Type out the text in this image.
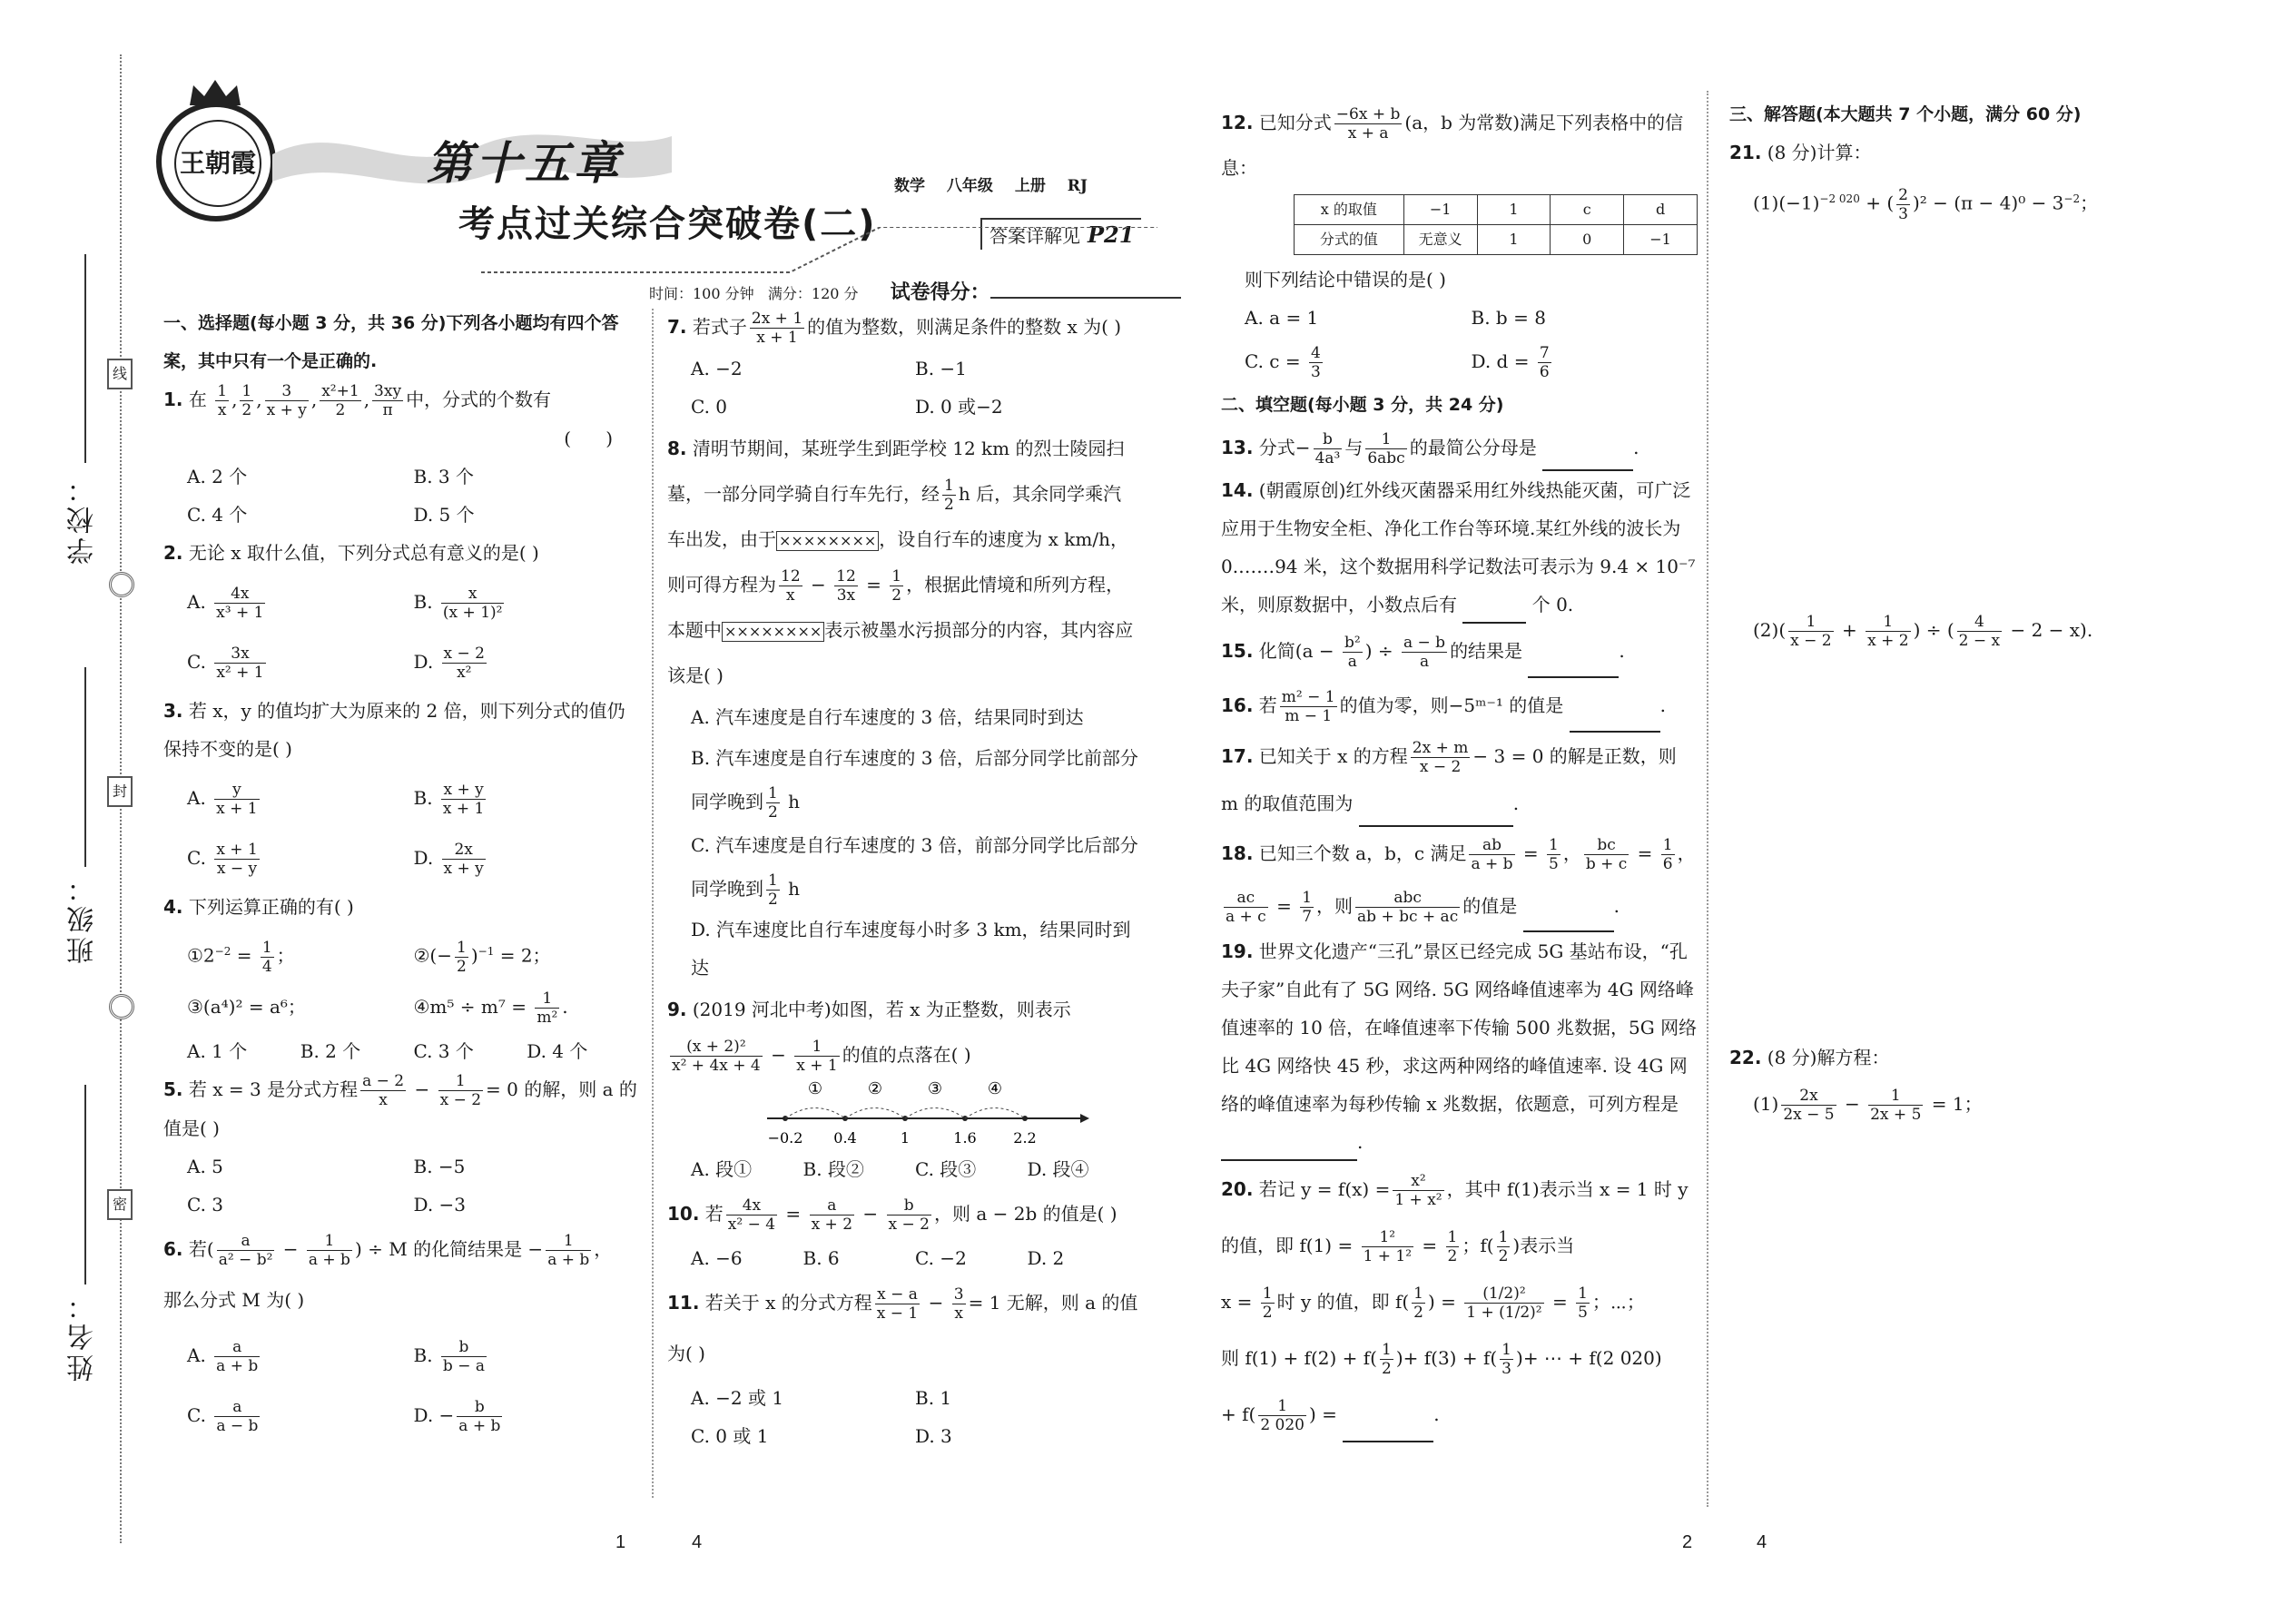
学校：
班级：
姓名：
线
封
密
王朝霞	第十五章
考点过关综合突破卷(二)
数学 八年级 上册 RJ
答案详解见 P21
时间：100 分钟 满分：120 分 试卷得分：

一、选择题(每小题 3 分，共 36 分)下列各小题均有四个答案，其中只有一个是正确的.

1. 在 $\frac{1}{x}$ , $\frac{1}{2}$ , $\frac{3}{x + y}$ , $\frac{\text{x²+1}}{2}$ , $\frac{3xy}{\pi}$ 中，分式的个数有

(      )

A. 2 个	B. 3 个
C. 4 个	D. 5 个

2. 无论 x 取什么值，下列分式总有意义的是( )

A. $\frac{4x}{\text{x³ + 1}}$	B. $\frac{x}{\text{(x + 1)²}}$
C. $\frac{3x}{\text{x² + 1}}$	D. $\frac{x - 2}{\text{x²}}$

3. 若 x，y 的值均扩大为原来的 2 倍，则下列分式的值仍保持不变的是( )

A. $\frac{y}{x + 1}$	B. $\frac{x + y}{x + 1}$
C. $\frac{x + 1}{x - y}$	D. $\frac{2x}{x + y}$

4. 下列运算正确的有( )

$①2^{-2} = \frac{1}{4}$ ；	②(− $\frac{1}{2} )^{-1} = 2$；
③(a⁴)² = a⁶；	④m⁵ ÷ $m^7 = \frac{1}{\text{m²}}$ .
A. 1 个	B. 2 个	C. 3 个	D. 4 个

5. 若 x = 3 是分式方程 $\frac{a - 2}{x} - \frac{1}{x - 2} = 0$ 的解，则 a 的值是( )

A. 5	B. −5
C. 3	D. −3

6. 若( $\frac{a}{\text{a² − b²}} - \frac{1}{a + b}$ ) ÷ M 的化简结果是 − $\frac{1}{a + b}$ ，
那么分式 M 为( )

A. $\frac{a}{a + b}$	B. $\frac{b}{b - a}$
C. $\frac{a}{a - b}$	D. − $\frac{b}{a + b}$

7. 若式子 $\frac{2x + 1}{x + 1}$ 的值为整数，则满足条件的整数 x 为( )

A. −2	B. −1
C. 0	D. 0 或−2

8. 清明节期间，某班学生到距学校 12 km 的烈士陵园扫墓，一部分同学骑自行车先行，经 $\frac{1}{2}$ h 后，其余同学乘汽车出发，由于 ×××××××× ，设自行车的速度为 x km/h，则可得方程为 $\frac{12}{x} - \frac{12}{3x} = \frac{1}{2}$ ，根据此情境和所列方程，本题中 ×××××××× 表示被墨水污损部分的内容，其内容应该是( )

A. 汽车速度是自行车速度的 3 倍，结果同时到达

B. 汽车速度是自行车速度的 3 倍，后部分同学比前部分同学晚到 $\frac{1}{2}$ h

C. 汽车速度是自行车速度的 3 倍，前部分同学比后部分同学晚到 $\frac{1}{2}$ h

D. 汽车速度比自行车速度每小时多 3 km，结果同时到达

9. (2019 河北中考)如图，若 x 为正整数，则表示

$\frac{\text{(x + 2)²}}{\text{x² + 4x + 4}} - \frac{1}{x + 1}$ 的值的点落在( )

−0.2 0.4	1	1.6	2.2
①	②	③	④
A. 段①	B. 段②	C. 段③	D. 段④

10. 若 $\frac{4x}{\text{x² − 4}} = \frac{a}{x + 2} - \frac{b}{x - 2}$ ，则 a − 2b 的值是( )

A. −6	B. 6	C. −2	D. 2

11. 若关于 x 的分式方程 $\frac{x - a}{x - 1} - \frac{3}{x} = 1$ 无解，则 a 的值为( )

A. −2 或 1	B. 1
C. 0 或 1	D. 3

12. 已知分式 $\frac{-6x + b}{x + a} (a$，b 为常数)满足下列表格中的信息：

x 的取值	−1	1	c	d
分式的值	无意义	1	0	−1

则下列结论中错误的是( )

A. a = 1	B. b = 8
C. $c = \frac{4}{3}$	D. $d = \frac{7}{6}$

二、填空题(每小题 3 分，共 24 分)

13. 分式− $\frac{b}{\text{4a³}}$ 与 $\frac{1}{\text{6abc}}$ 的最简公分母是	.

14. (朝霞原创)红外线灭菌器采用红外线热能灭菌，可广泛应用于生物安全柜、净化工作台等环境.某红外线的波长为 0.……94 米，这个数据用科学记数法可表示为 9.4 × 10⁻⁷ 米，则原数据中，小数点后有	个 0.

15. 化简($a - \frac{\text{b²}}{a}$ ) ÷ $\frac{a - b}{a}$ 的结果是	.

16. 若 $\frac{\text{m² − 1}}{m - 1}$ 的值为零，则−5ᵐ⁻¹ 的值是	.

17. 已知关于 x 的方程 $\frac{2x + m}{x - 2} - 3 = 0$ 的解是正数，则 m 的取值范围为	.

18. 已知三个数 a，b，c 满足 $\frac{ab}{a + b} = \frac{1}{5}$ ， $\frac{bc}{b + c} = \frac{1}{6}$ ，

$\frac{ac}{a + c} = \frac{1}{7}$ ，则 $\frac{\text{abc}}{ab + bc + ac}$ 的值是	.

19. 世界文化遗产“三孔”景区已经完成 5G 基站布设，“孔夫子家”自此有了 5G 网络. 5G 网络峰值速率为 4G 网络峰值速率的 10 倍，在峰值速率下传输 500 兆数据，5G 网络比 4G 网络快 45 秒，求这两种网络的峰值速率. 设 4G 网络的峰值速率为每秒传输 x 兆数据，依题意，可列方程是 .

20. 若记 $y = f(x) = \frac{\text{x²}}{\text{1 + x²}}$ ，其中 f(1)表示当 x = 1 时 y 的值，即 $f(1) = \frac{\text{1²}}{\text{1 + 1²}} = \frac{1}{2}$ ；$f( \frac{1}{2}$ )表示当
$x = \frac{1}{2}$ 时 y 的值，即 $f( \frac{1}{2}$ ) = $\frac{\text{(1/2)²}}{\text{1 + (1/2)²}} = \frac{1}{5}$ ；⋯；
则 $f(1) + f(2) + f( \frac{1}{2}$ )+ $f(3) + f( \frac{1}{3}$ )+ ⋯ + f(2 020)
+ $f( \frac{1}{2 020}$ ) =	.

三、解答题(本大题共 7 个小题，满分 60 分)

21. (8 分)计算：

$(1)(-1)^{-2 020}$ + ( $\frac{2}{3} )^2 - (\pi - 4)^0 - 3^{-2}$；

$(2)( \frac{1}{x - 2} + \frac{1}{x + 2}$ ) ÷ ( $\frac{4}{2 - x} - 2 - x$).

22. (8 分)解方程：

$(1) \frac{2x}{2x - 5} - \frac{1}{2x + 5} = 1$；

1	4	2	4
